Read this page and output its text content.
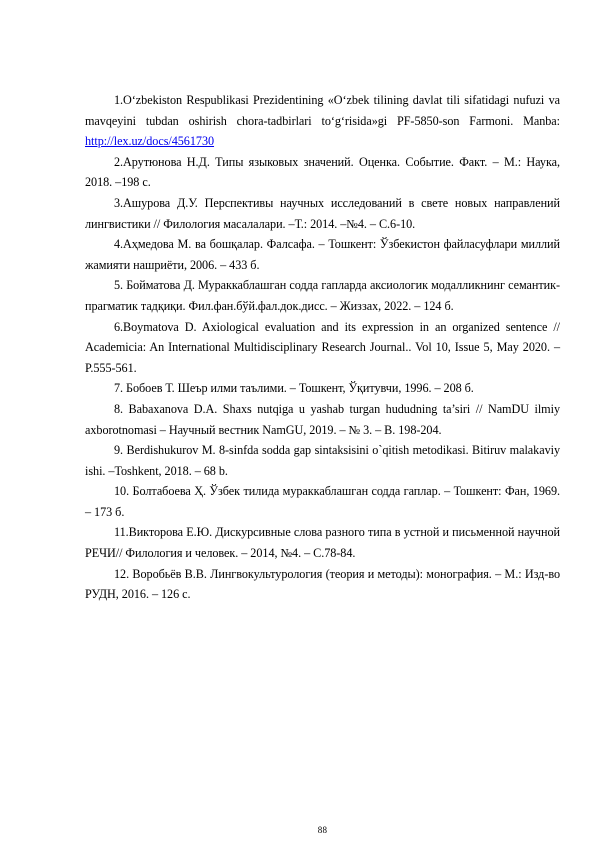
1.O‘zbekiston Respublikasi Prezidentining «O‘zbek tilining davlat tili sifatidagi nufuzi va mavqeyini tubdan oshirish chora-tadbirlari to‘g‘risida»gi PF-5850-son Farmoni. Manba: http://lex.uz/docs/4561730

2.Арутюнова Н.Д. Типы языковых значений. Оценка. Событие. Факт. – М.: Наука, 2018. –198 с.

3.Ашурова Д.У. Перспективы научных исследований в свете новых направлений лингвистики // Филология масалалари. –Т.: 2014. –№4. – С.6-10.

4.Аҳмедова М. ва бошқалар. Фалсафа. – Тошкент: Ўзбекистон файласуфлари миллий жамияти нашриёти, 2006. – 433 б.

5. Бойматова Д. Мураккаблашган содда гапларда аксиологик модалликнинг семантик-прагматик тадқиқи. Фил.фан.бўй.фал.док.дисс. – Жиззах, 2022. – 124 б.

6.Boymatova D. Axiological evaluation and its expression in an organized sentence // Academicia: An International Multidisciplinary Research Journal.. Vol 10, Issue 5, May 2020. – P.555-561.

7. Бобоев Т. Шеър илми таълими. – Тошкент, Ўқитувчи, 1996. – 208 б.

8. Babaxanova D.A. Shaxs nutqiga u yashab turgan hududning ta’siri // NamDU ilmiy axborotnomasi – Научный вестник NamGU, 2019. – № 3. – B. 198-204.

9. Berdishukurov M. 8-sinfda sodda gap sintaksisini o`qitish metodikasi. Bitiruv malakaviy ishi. –Toshkent, 2018. – 68 b.

10. Болтабоева Ҳ. Ўзбек тилида мураккаблашган содда гаплар. – Тошкент: Фан, 1969. – 173 б.

11.Викторова Е.Ю. Дискурсивные слова разного типа в устной и письменной научной РЕЧИ// Филология и человек. – 2014, №4. – С.78-84.

12. Воробьёв В.В. Лингвокультурология (теория и методы): монография. – М.: Изд-во РУДН, 2016. – 126 с.

88
